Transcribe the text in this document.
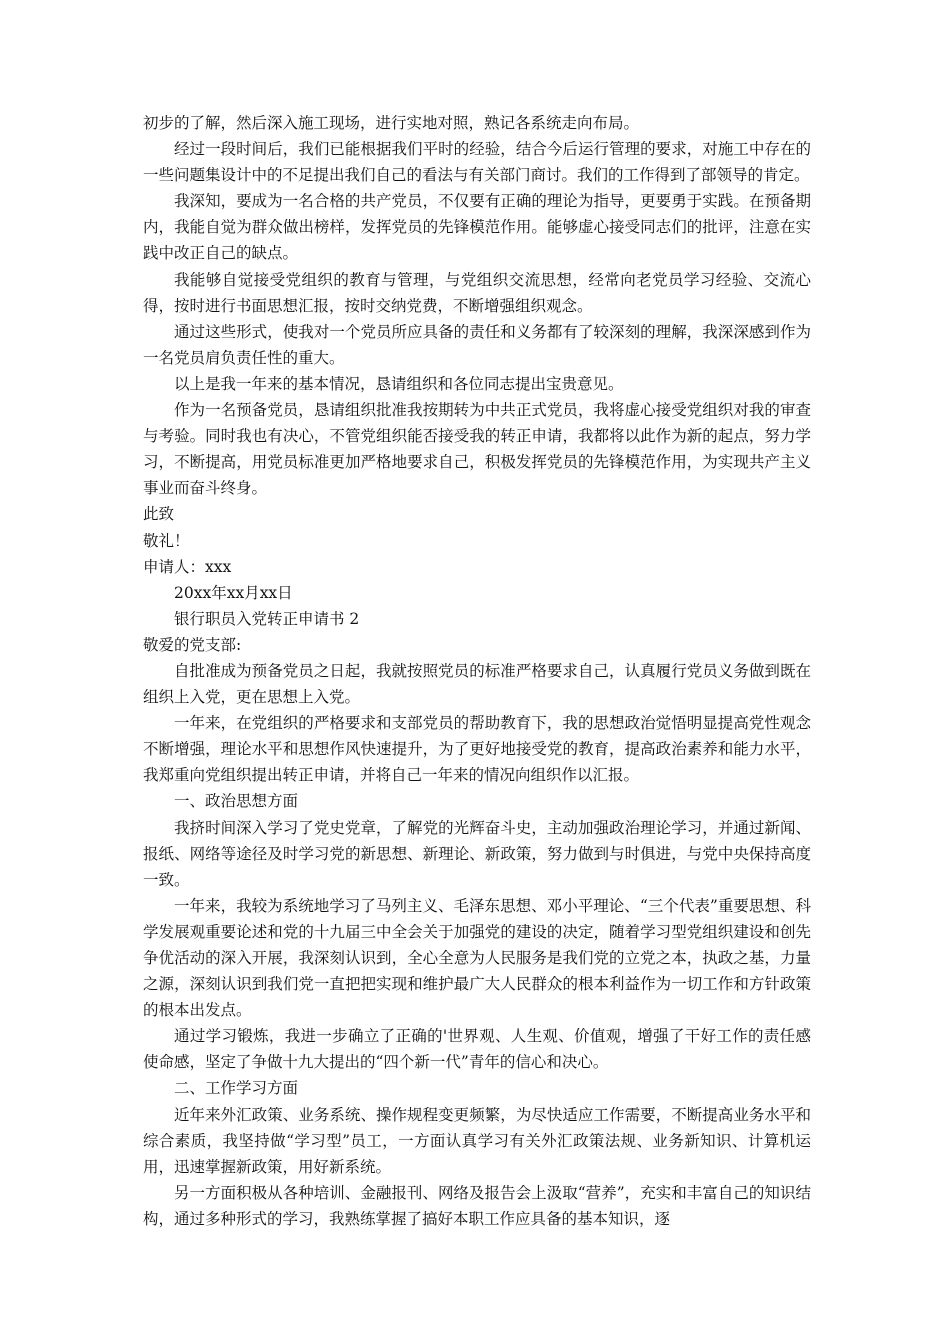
初步的了解，然后深入施工现场，进行实地对照，熟记各系统走向布局。

经过一段时间后，我们已能根据我们平时的经验，结合今后运行管理的要求，对施工中存在的一些问题集设计中的不足提出我们自己的看法与有关部门商讨。我们的工作得到了部领导的肯定。

我深知，要成为一名合格的共产党员，不仅要有正确的理论为指导，更要勇于实践。在预备期内，我能自觉为群众做出榜样，发挥党员的先锋模范作用。能够虚心接受同志们的批评，注意在实践中改正自己的缺点。

我能够自觉接受党组织的教育与管理，与党组织交流思想，经常向老党员学习经验、交流心得，按时进行书面思想汇报，按时交纳党费，不断增强组织观念。

通过这些形式，使我对一个党员所应具备的责任和义务都有了较深刻的理解，我深深感到作为一名党员肩负责任性的重大。

以上是我一年来的基本情况，恳请组织和各位同志提出宝贵意见。

作为一名预备党员，恳请组织批准我按期转为中共正式党员，我将虚心接受党组织对我的审查与考验。同时我也有决心，不管党组织能否接受我的转正申请，我都将以此作为新的起点，努力学习，不断提高，用党员标准更加严格地要求自己，积极发挥党员的先锋模范作用，为实现共产主义事业而奋斗终身。

此致

敬礼！

申请人：xxx

20xx年xx月xx日

银行职员入党转正申请书 2

敬爱的党支部:

自批准成为预备党员之日起，我就按照党员的标准严格要求自己，认真履行党员义务做到既在组织上入党，更在思想上入党。

一年来，在党组织的严格要求和支部党员的帮助教育下，我的思想政治觉悟明显提高党性观念不断增强，理论水平和思想作风快速提升，为了更好地接受党的教育，提高政治素养和能力水平，我郑重向党组织提出转正申请，并将自己一年来的情况向组织作以汇报。

一、政治思想方面

我挤时间深入学习了党史党章，了解党的光辉奋斗史，主动加强政治理论学习，并通过新闻、报纸、网络等途径及时学习党的新思想、新理论、新政策，努力做到与时俱进，与党中央保持高度一致。

一年来，我较为系统地学习了马列主义、毛泽东思想、邓小平理论、“三个代表”重要思想、科学发展观重要论述和党的十九届三中全会关于加强党的建设的决定，随着学习型党组织建设和创先争优活动的深入开展，我深刻认识到，全心全意为人民服务是我们党的立党之本，执政之基，力量之源，深刻认识到我们党一直把把实现和维护最广大人民群众的根本利益作为一切工作和方针政策的根本出发点。

通过学习锻炼，我进一步确立了正确的'世界观、人生观、价值观，增强了干好工作的责任感使命感，坚定了争做十九大提出的“四个新一代”青年的信心和决心。

二、工作学习方面

近年来外汇政策、业务系统、操作规程变更频繁，为尽快适应工作需要，不断提高业务水平和综合素质，我坚持做“学习型”员工，一方面认真学习有关外汇政策法规、业务新知识、计算机运用，迅速掌握新政策，用好新系统。

另一方面积极从各种培训、金融报刊、网络及报告会上汲取“营养”，充实和丰富自己的知识结构，通过多种形式的学习，我熟练掌握了搞好本职工作应具备的基本知识，逐
